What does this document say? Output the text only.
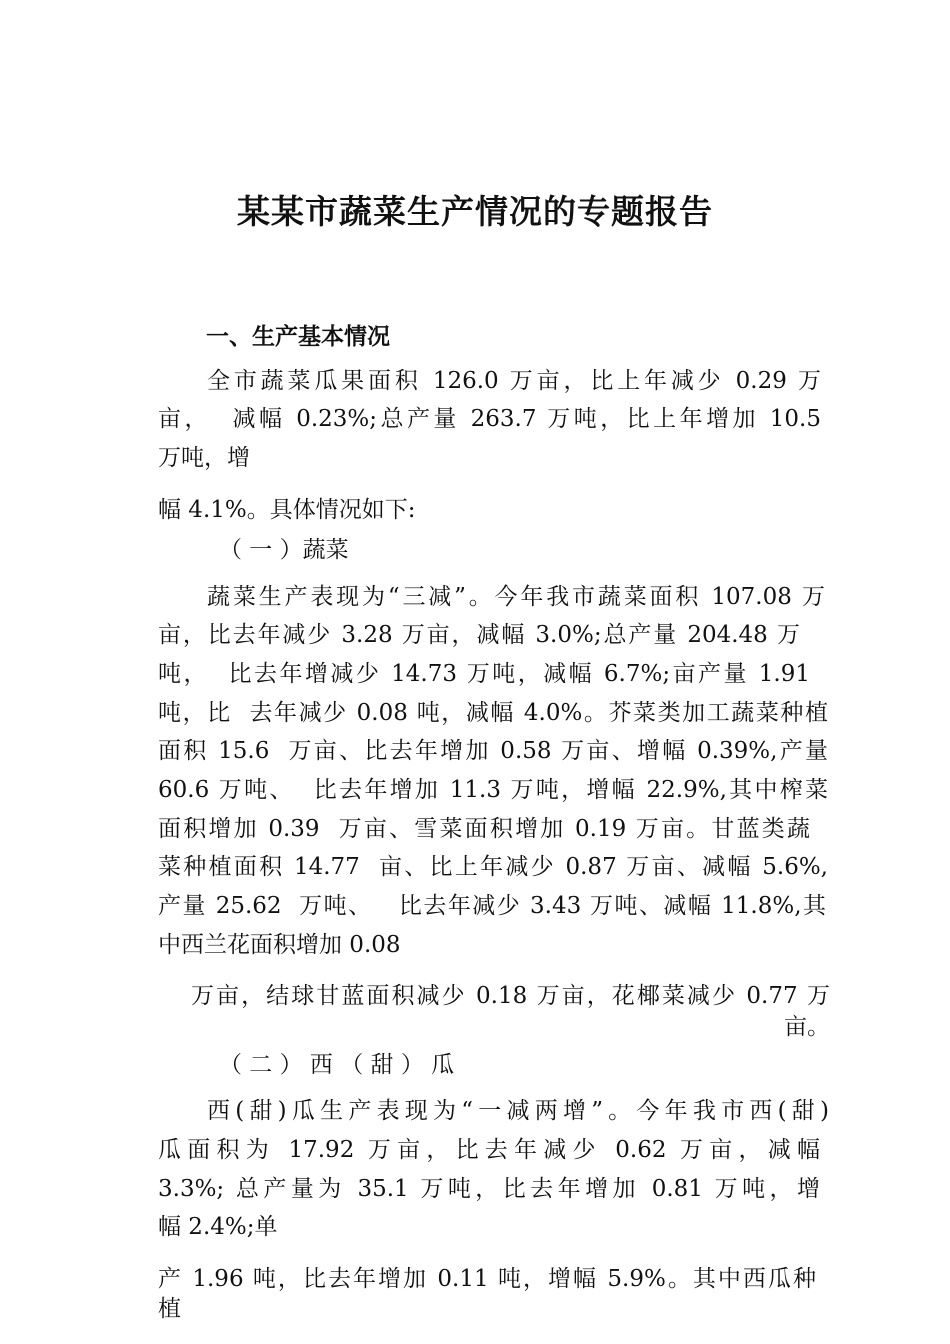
某某市蔬菜生产情况的专题报告
一、生产基本情况
全市蔬菜瓜果面积 126.0 万亩，比上年减少 0.29 万
亩，  减幅 0.23%;总产量 263.7 万吨，比上年增加 10.5
万吨，增
幅 4.1%。具体情况如下:
（ 一 ）蔬菜
蔬菜生产表现为“三减”。今年我市蔬菜面积 107.08 万
亩，比去年减少 3.28 万亩，减幅 3.0%;总产量 204.48 万
吨，  比去年增减少 14.73 万吨，减幅 6.7%;亩产量 1.91
吨，比  去年减少 0.08 吨，减幅 4.0%。芥菜类加工蔬菜种植
面积 15.6  万亩、比去年增加 0.58 万亩、增幅 0.39%,产量
60.6 万吨、  比去年增加 11.3 万吨，增幅 22.9%,其中榨菜
面积增加 0.39  万亩、雪菜面积增加 0.19 万亩。甘蓝类蔬
菜种植面积 14.77  亩、比上年减少 0.87 万亩、减幅 5.6%,
产量 25.62  万吨、   比去年减少 3.43 万吨、减幅 11.8%,其
中西兰花面积增加 0.08
万亩，结球甘蓝面积减少 0.18 万亩，花椰菜减少 0.77 万
亩。
（ 二 ） 西 （ 甜 ） 瓜
西(甜)瓜生产表现为“一减两增”。今年我市西(甜)
瓜面积为 17.92 万亩，比去年减少 0.62 万亩，减幅
3.3%; 总产量为 35.1 万吨，比去年增加 0.81 万吨，增
幅 2.4%;单
产 1.96 吨，比去年增加 0.11 吨，增幅 5.9%。其中西瓜种
植
